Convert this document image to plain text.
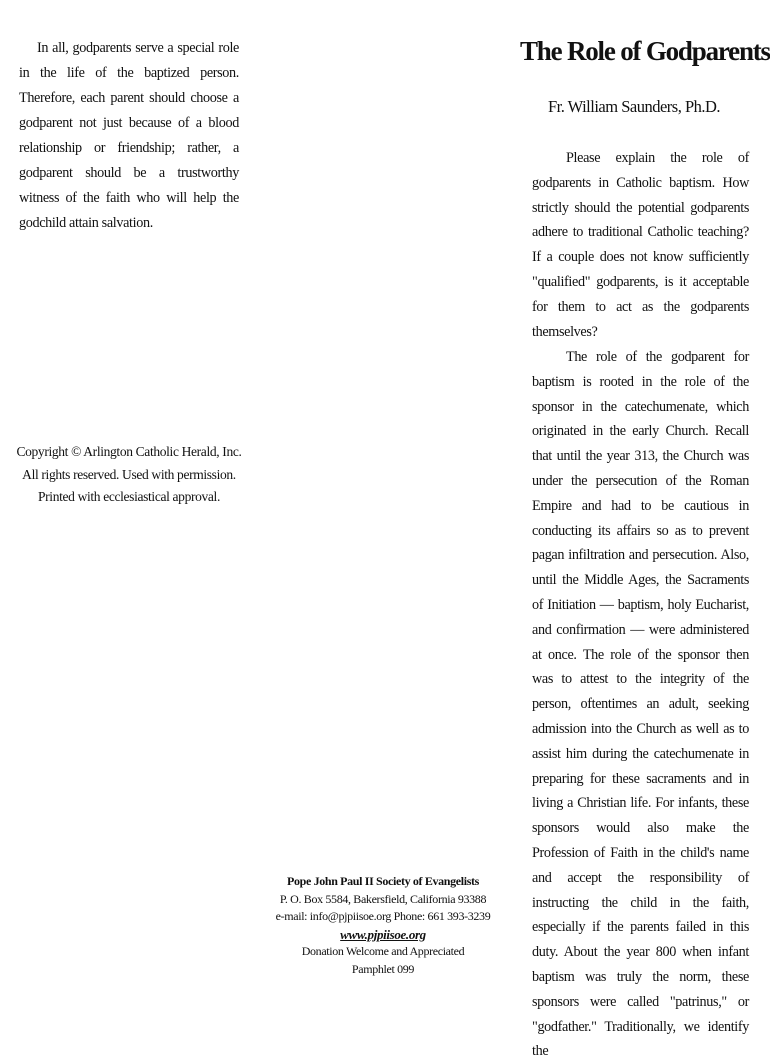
In all, godparents serve a special role in the life of the baptized person. Therefore, each parent should choose a godparent not just because of a blood relationship or friendship; rather, a godparent should be a trustworthy witness of the faith who will help the godchild attain salvation.

Copyright © Arlington Catholic Herald, Inc.
All rights reserved. Used with permission.
Printed with ecclesiastical approval.
Pope John Paul II Society of Evangelists
P. O. Box 5584, Bakersfield, California 93388
e-mail: info@pjpiisoe.org Phone: 661 393-3239
www.pjpiisoe.org
Donation Welcome and Appreciated
Pamphlet 099
The Role of Godparents

Fr. William Saunders, Ph.D.

Please explain the role of godparents in Catholic baptism. How strictly should the potential godparents adhere to traditional Catholic teaching? If a couple does not know sufficiently "qualified" godparents, is it acceptable for them to act as the godparents themselves?

The role of the godparent for baptism is rooted in the role of the sponsor in the catechumenate, which originated in the early Church. Recall that until the year 313, the Church was under the persecution of the Roman Empire and had to be cautious in conducting its affairs so as to prevent pagan infiltration and persecution. Also, until the Middle Ages, the Sacraments of Initiation — baptism, holy Eucharist, and confirmation — were administered at once. The role of the sponsor then was to attest to the integrity of the person, oftentimes an adult, seeking admission into the Church as well as to assist him during the catechumenate in preparing for these sacraments and in living a Christian life. For infants, these sponsors would also make the Profession of Faith in the child's name and accept the responsibility of instructing the child in the faith, especially if the parents failed in this duty. About the year 800 when infant baptism was truly the norm, these sponsors were called "patrinus," or "godfather." Traditionally, we identify the
